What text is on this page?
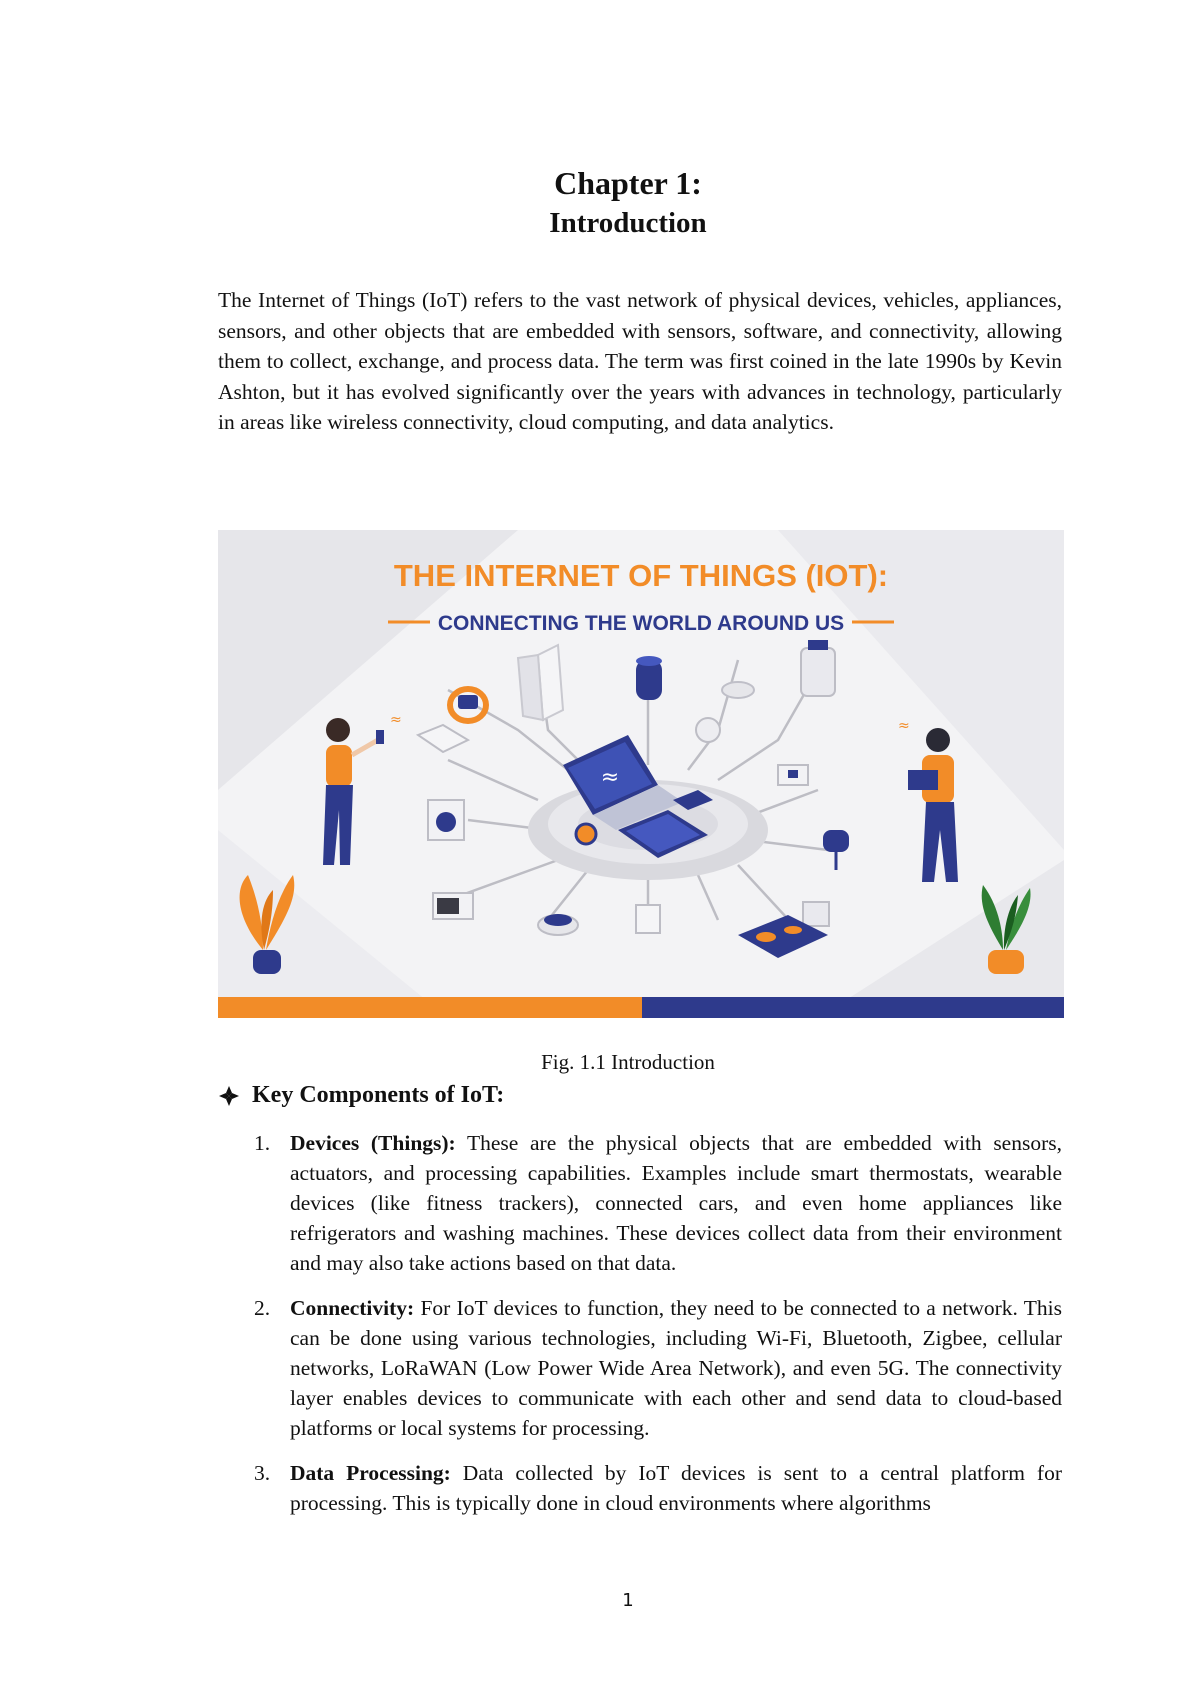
Chapter 1:
Introduction

The Internet of Things (IoT) refers to the vast network of physical devices, vehicles, appliances, sensors, and other objects that are embedded with sensors, software, and connectivity, allowing them to collect, exchange, and process data. The term was first coined in the late 1990s by Kevin Ashton, but it has evolved significantly over the years with advances in technology, particularly in areas like wireless connectivity, cloud computing, and data analytics.

THE INTERNET OF THINGS (IOT):
CONNECTING THE WORLD AROUND US
≈
≈	≈

Fig. 1.1 Introduction

Key Components of IoT:
1. Devices (Things): These are the physical objects that are embedded with sensors, actuators, and processing capabilities. Examples include smart thermostats, wearable devices (like fitness trackers), connected cars, and even home appliances like refrigerators and washing machines. These devices collect data from their environment and may also take actions based on that data.
2. Connectivity: For IoT devices to function, they need to be connected to a network. This can be done using various technologies, including Wi-Fi, Bluetooth, Zigbee, cellular networks, LoRaWAN (Low Power Wide Area Network), and even 5G. The connectivity layer enables devices to communicate with each other and send data to cloud-based platforms or local systems for processing.
3. Data Processing: Data collected by IoT devices is sent to a central platform for processing. This is typically done in cloud environments where algorithms

1
